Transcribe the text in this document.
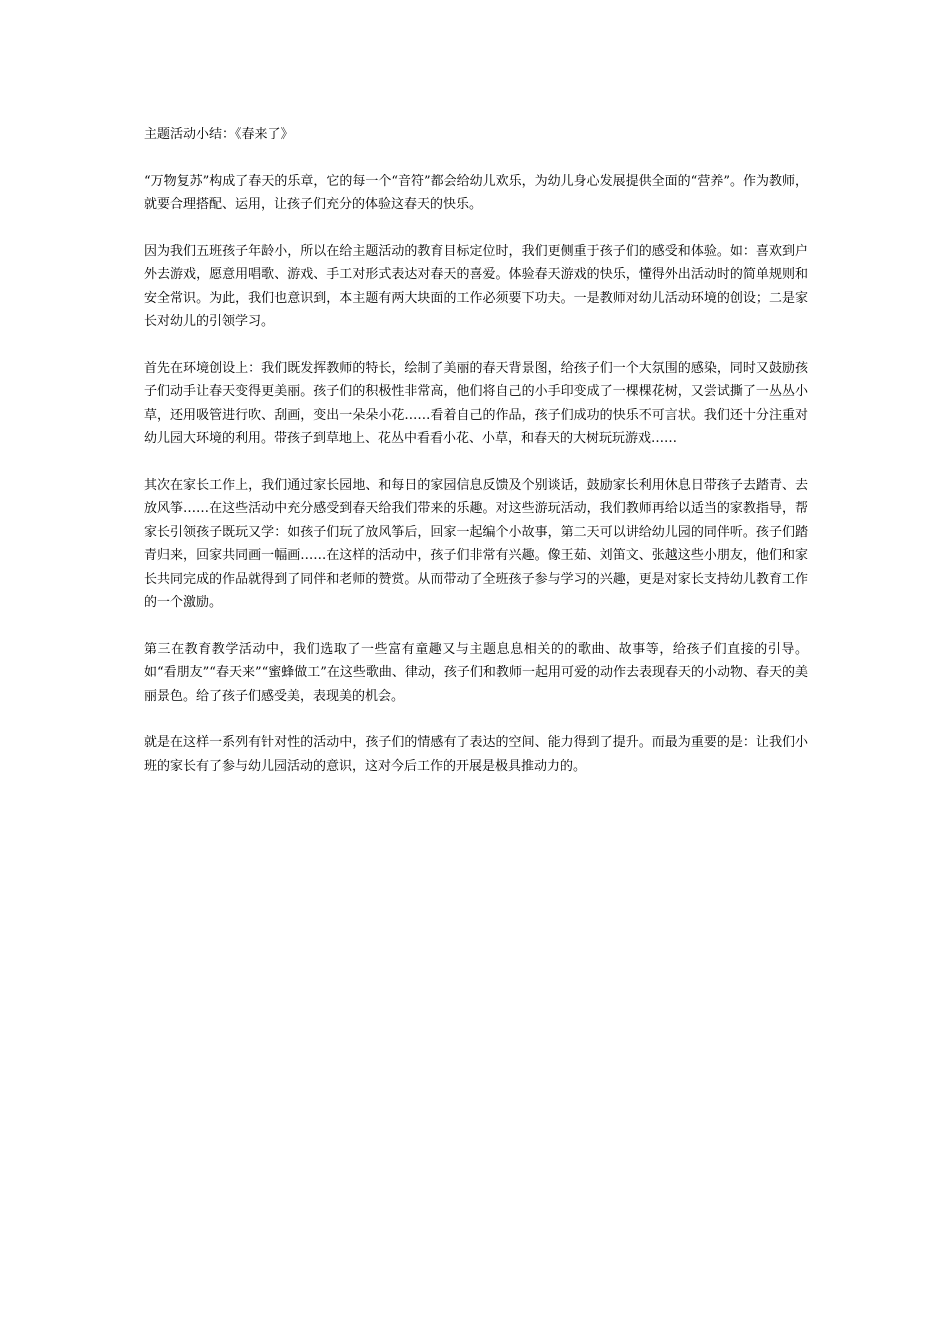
主题活动小结：《春来了》

“万物复苏”构成了春天的乐章，它的每一个“音符”都会给幼儿欢乐，为幼儿身心发展提供全面的“营养”。作为教师，就要合理搭配、运用，让孩子们充分的体验这春天的快乐。

因为我们五班孩子年龄小，所以在给主题活动的教育目标定位时，我们更侧重于孩子们的感受和体验。如：喜欢到户外去游戏，愿意用唱歌、游戏、手工对形式表达对春天的喜爱。体验春天游戏的快乐，懂得外出活动时的简单规则和安全常识。为此，我们也意识到，本主题有两大块面的工作必须要下功夫。一是教师对幼儿活动环境的创设；二是家长对幼儿的引领学习。

首先在环境创设上：我们既发挥教师的特长，绘制了美丽的春天背景图，给孩子们一个大氛围的感染，同时又鼓励孩子们动手让春天变得更美丽。孩子们的积极性非常高，他们将自己的小手印变成了一棵棵花树，又尝试撕了一丛丛小草，还用吸管进行吹、刮画，变出一朵朵小花……看着自己的作品，孩子们成功的快乐不可言状。我们还十分注重对幼儿园大环境的利用。带孩子到草地上、花丛中看看小花、小草，和春天的大树玩玩游戏……

其次在家长工作上，我们通过家长园地、和每日的家园信息反馈及个别谈话，鼓励家长利用休息日带孩子去踏青、去放风筝……在这些活动中充分感受到春天给我们带来的乐趣。对这些游玩活动，我们教师再给以适当的家教指导，帮家长引领孩子既玩又学：如孩子们玩了放风筝后，回家一起编个小故事，第二天可以讲给幼儿园的同伴听。孩子们踏青归来，回家共同画一幅画……在这样的活动中，孩子们非常有兴趣。像王茹、刘笛文、张越这些小朋友，他们和家长共同完成的作品就得到了同伴和老师的赞赏。从而带动了全班孩子参与学习的兴趣，更是对家长支持幼儿教育工作的一个激励。

第三在教育教学活动中，我们选取了一些富有童趣又与主题息息相关的的歌曲、故事等，给孩子们直接的引导。如“看朋友”“春天来”“蜜蜂做工”在这些歌曲、律动，孩子们和教师一起用可爱的动作去表现春天的小动物、春天的美丽景色。给了孩子们感受美，表现美的机会。

就是在这样一系列有针对性的活动中，孩子们的情感有了表达的空间、能力得到了提升。而最为重要的是：让我们小班的家长有了参与幼儿园活动的意识，这对今后工作的开展是极具推动力的。
